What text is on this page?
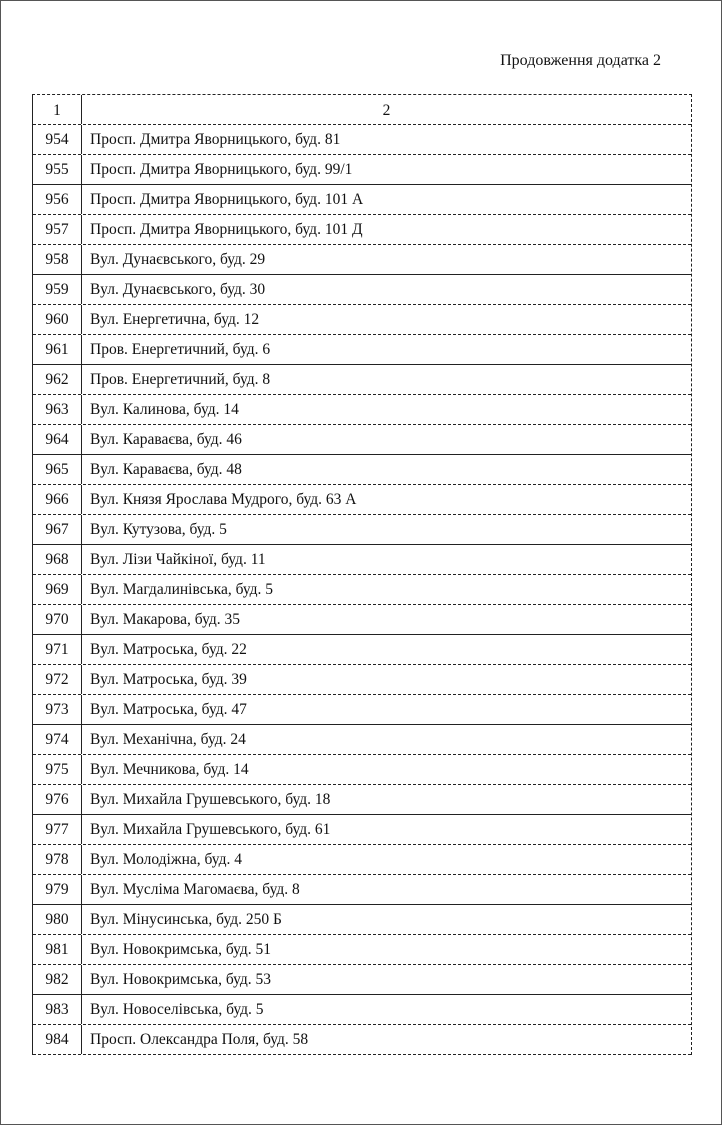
Продовження додатка 2
1	2
954	Просп. Дмитра Яворницького, буд. 81
955	Просп. Дмитра Яворницького, буд. 99/1
956	Просп. Дмитра Яворницького, буд. 101 А
957	Просп. Дмитра Яворницького, буд. 101 Д
958	Вул. Дунаєвського, буд. 29
959	Вул. Дунаєвського, буд. 30
960	Вул. Енергетична, буд. 12
961	Пров. Енергетичний, буд. 6
962	Пров. Енергетичний, буд. 8
963	Вул. Калинова, буд. 14
964	Вул. Караваєва, буд. 46
965	Вул. Караваєва, буд. 48
966	Вул. Князя Ярослава Мудрого, буд. 63 А
967	Вул. Кутузова, буд. 5
968	Вул. Лізи Чайкіної, буд. 11
969	Вул. Магдалинівська, буд. 5
970	Вул. Макарова, буд. 35
971	Вул. Матроська, буд. 22
972	Вул. Матроська, буд. 39
973	Вул. Матроська, буд. 47
974	Вул. Механічна, буд. 24
975	Вул. Мечникова, буд. 14
976	Вул. Михайла Грушевського, буд. 18
977	Вул. Михайла Грушевського, буд. 61
978	Вул. Молодіжна, буд. 4
979	Вул. Мусліма Магомаєва, буд. 8
980	Вул. Мінусинська, буд. 250 Б
981	Вул. Новокримська, буд. 51
982	Вул. Новокримська, буд. 53
983	Вул. Новоселівська, буд. 5
984	Просп. Олександра Поля, буд. 58
